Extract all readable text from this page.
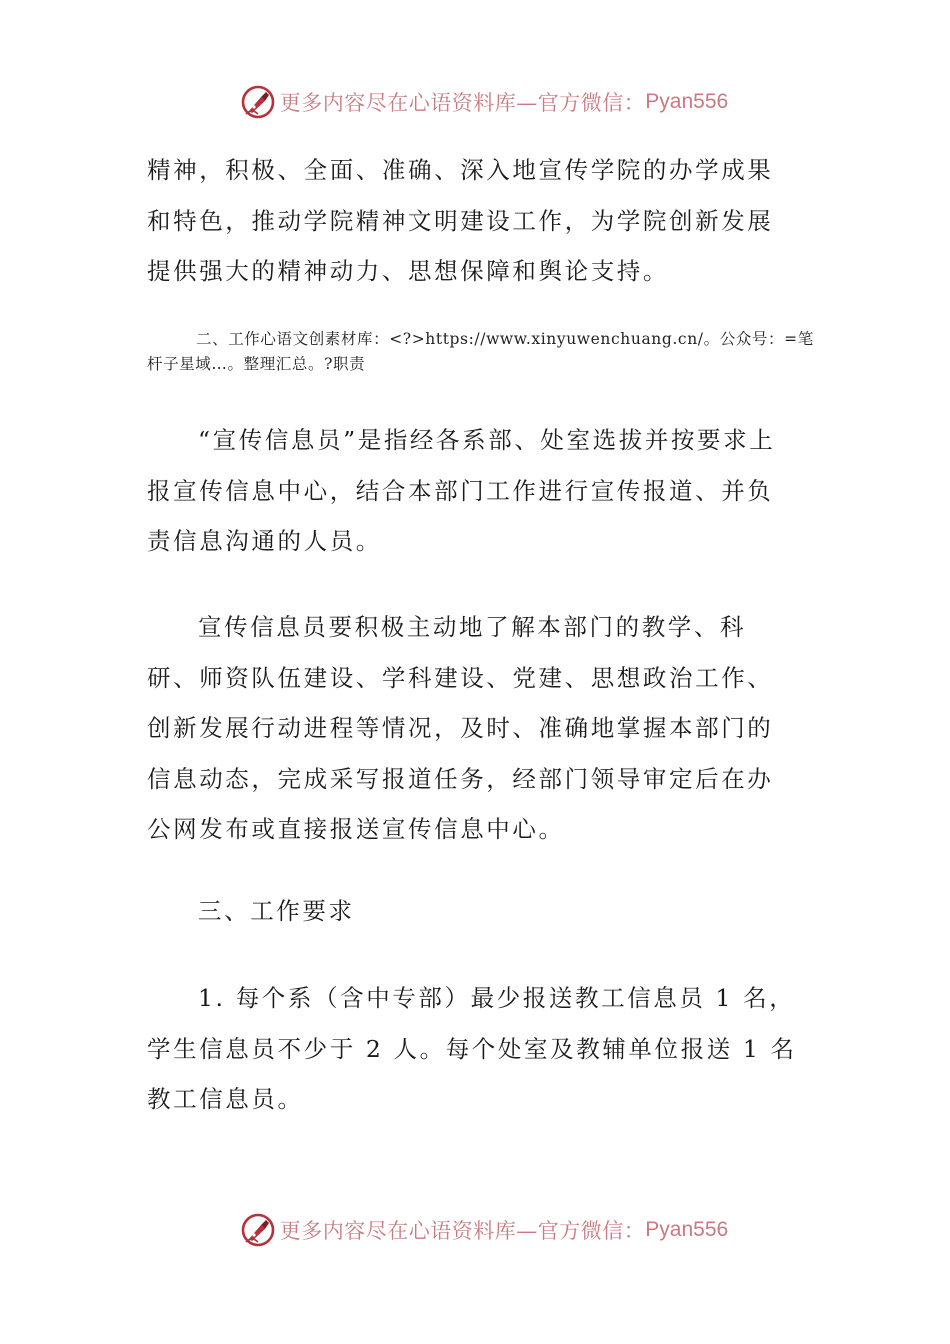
更多内容尽在心语资料库—官方微信： Pyan556

精神，积极、全面、准确、深入地宣传学院的办学成果和特色，推动学院精神文明建设工作，为学院创新发展提供强大的精神动力、思想保障和舆论支持。

二、工作心语文创素材库：<?>https://www.xinyuwenchuang.cn/。公众号：=笔杆子星域…。整理汇总。?职责

“宣传信息员”是指经各系部、处室选拔并按要求上报宣传信息中心，结合本部门工作进行宣传报道、并负责信息沟通的人员。

宣传信息员要积极主动地了解本部门的教学、科研、师资队伍建设、学科建设、党建、思想政治工作、创新发展行动进程等情况，及时、准确地掌握本部门的信息动态，完成采写报道任务，经部门领导审定后在办公网发布或直接报送宣传信息中心。

三、工作要求

1. 每个系（含中专部）最少报送教工信息员 1 名，学生信息员不少于 2 人。每个处室及教辅单位报送 1 名教工信息员。

更多内容尽在心语资料库—官方微信： Pyan556
